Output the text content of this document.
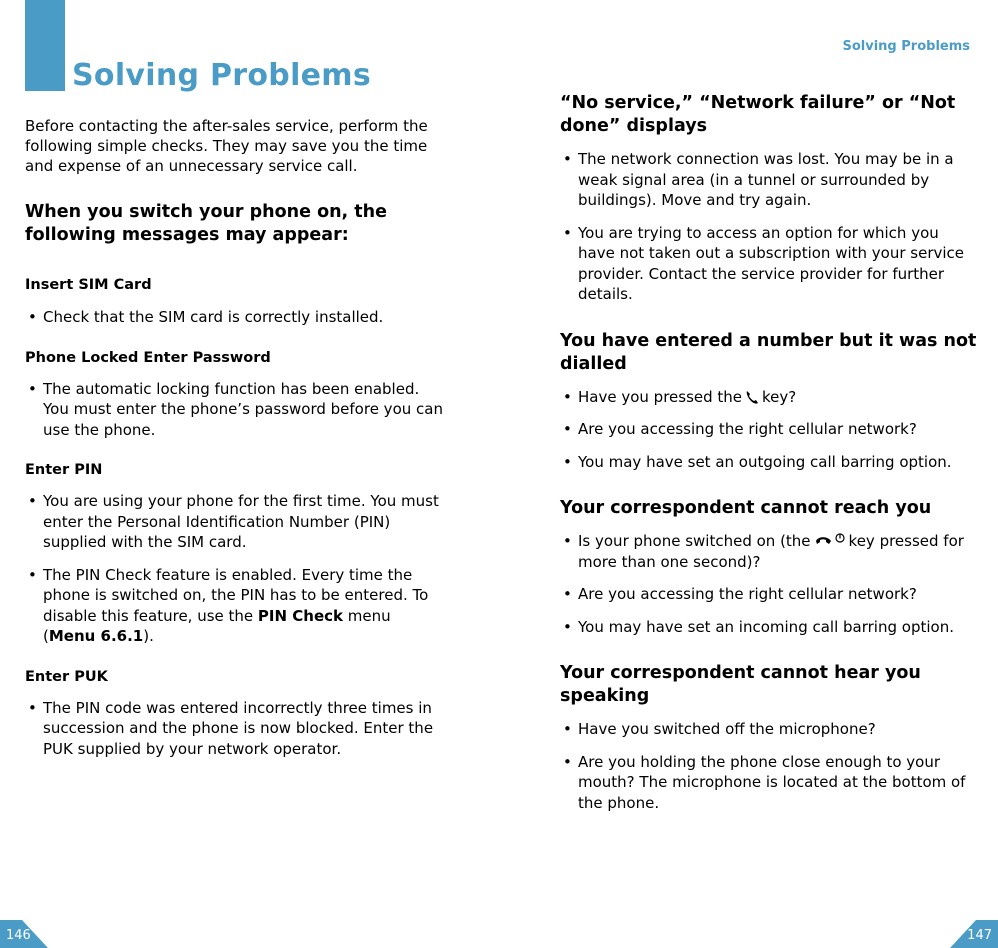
Solving Problems

Before contacting the after-sales service, perform the following simple checks. They may save you the time and expense of an unnecessary service call.

When you switch your phone on, the following messages may appear:
Insert SIM Card
• Check that the SIM card is correctly installed.
Phone Locked Enter Password
• The automatic locking function has been enabled. You must enter the phone’s password before you can use the phone.
Enter PIN
• You are using your phone for the first time. You must enter the Personal Identification Number (PIN) supplied with the SIM card.
• The PIN Check feature is enabled. Every time the phone is switched on, the PIN has to be entered. To disable this feature, use the PIN Check menu (Menu 6.6.1).
Enter PUK
• The PIN code was entered incorrectly three times in succession and the phone is now blocked. Enter the PUK supplied by your network operator.
146
Solving Problems
“No service,” “Network failure” or “Not done” displays
• The network connection was lost. You may be in a weak signal area (in a tunnel or surrounded by buildings). Move and try again.
• You are trying to access an option for which you have not taken out a subscription with your service provider. Contact the service provider for further details.
You have entered a number but it was not dialled
• Have you pressed the key?
• Are you accessing the right cellular network?
• You may have set an outgoing call barring option.
Your correspondent cannot reach you
• Is your phone switched on (the	key pressed for more than one second)?
• Are you accessing the right cellular network?
• You may have set an incoming call barring option.
Your correspondent cannot hear you speaking
• Have you switched off the microphone?
• Are you holding the phone close enough to your mouth? The microphone is located at the bottom of the phone.
147
